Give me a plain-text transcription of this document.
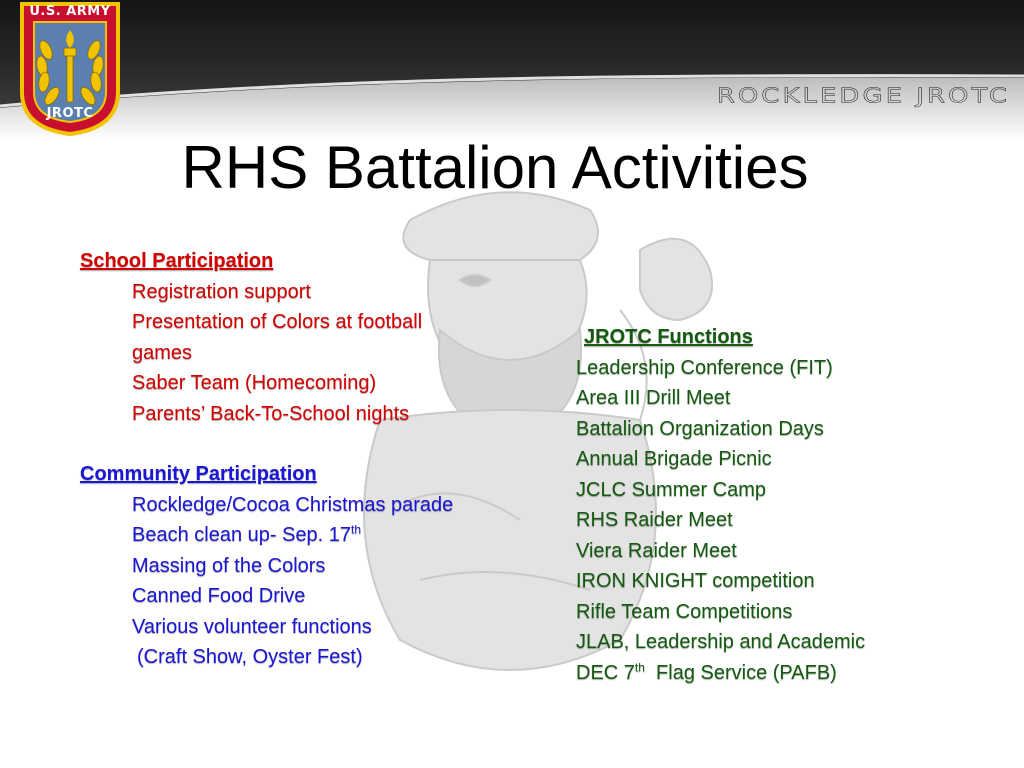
ROCKLEDGE JROTC
U.S. ARMY
JROTC
RHS Battalion Activities
School Participation
Registration support
Presentation of Colors at football
games
Saber Team (Homecoming)
Parents’ Back-To-School nights
Community Participation
Rockledge/Cocoa Christmas parade
Beach clean up- Sep. 17th
Massing of the Colors
Canned Food Drive
Various volunteer functions
(Craft Show, Oyster Fest)
JROTC Functions
Leadership Conference (FIT)
Area III Drill Meet
Battalion Organization Days
Annual Brigade Picnic
JCLC Summer Camp
RHS Raider Meet
Viera Raider Meet
IRON KNIGHT competition
Rifle Team Competitions
JLAB, Leadership and Academic
DEC 7th  Flag Service (PAFB)
